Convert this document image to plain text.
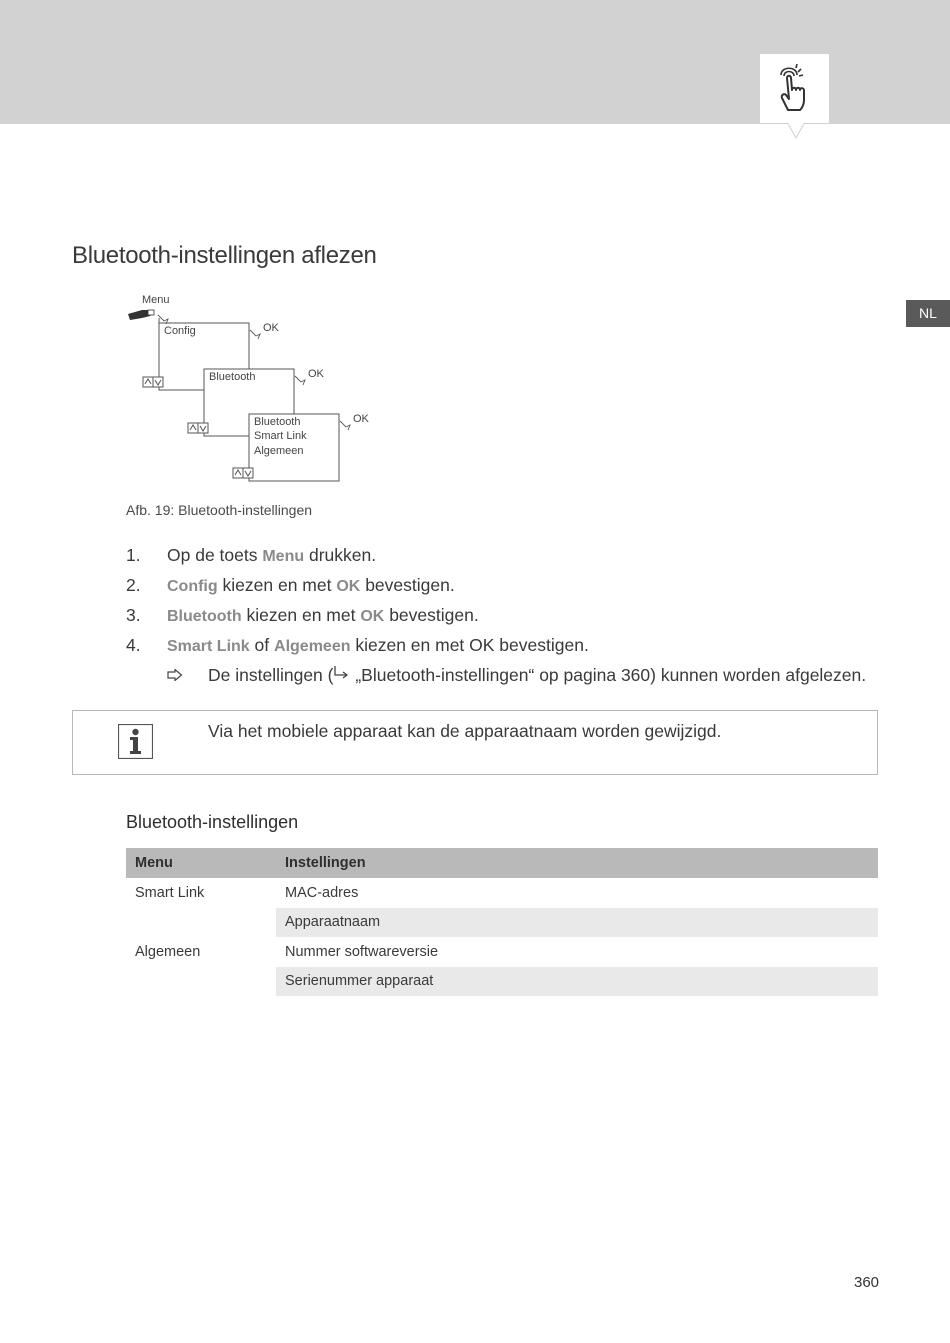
NL
Bluetooth-instellingen aflezen
Menu
Config	OK
Bluetooth	OK
Bluetooth
Smart Link
Algemeen
OK
Afb. 19: Bluetooth-instellingen
1. Op de toets Menu drukken.
2. Config kiezen en met OK bevestigen.
3. Bluetooth kiezen en met OK bevestigen.
4. Smart Link of Algemeen kiezen en met OK bevestigen.
De instellingen ( „Bluetooth-instellingen“ op pagina 360) kunnen worden afgelezen.
Via het mobiele apparaat kan de apparaatnaam worden gewijzigd.
Bluetooth-instellingen
Menu	Instellingen
Smart Link	MAC-adres
	Apparaatnaam
Algemeen	Nummer softwareversie
	Serienummer apparaat
360
